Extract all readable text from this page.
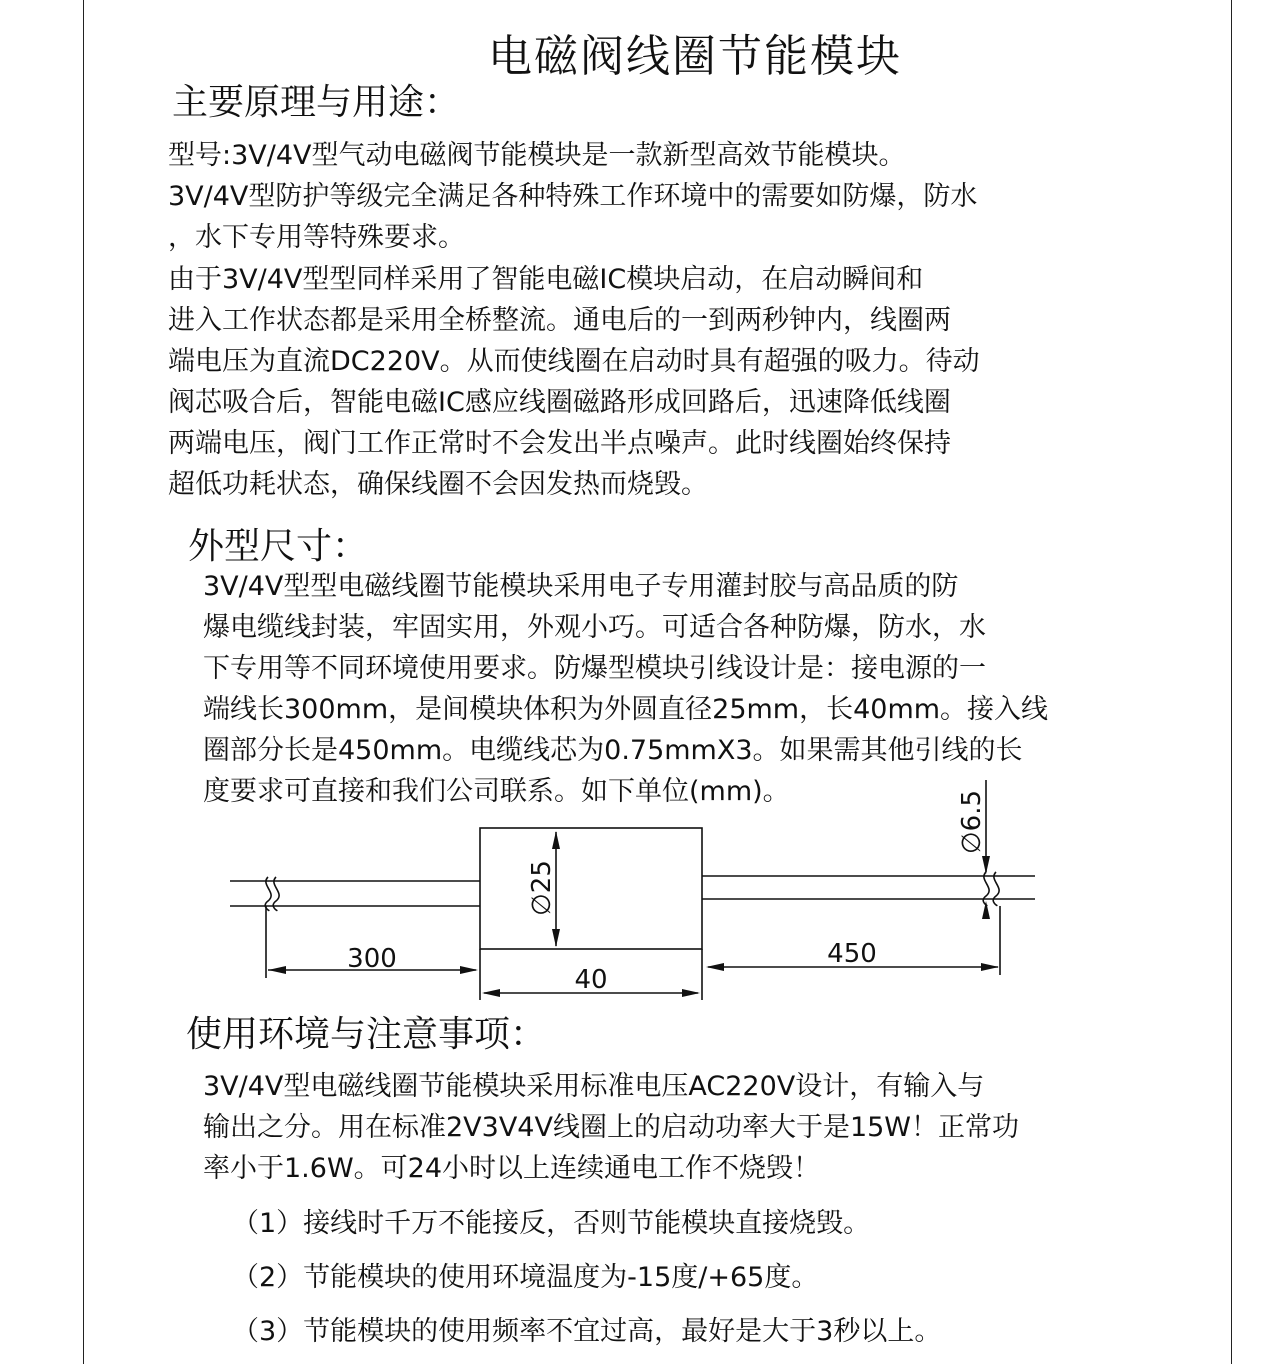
电磁阀线圈节能模块
主要原理与用途：

型号:3V/4V型气动电磁阀节能模块是一款新型高效节能模块。
3V/4V型防护等级完全满足各种特殊工作环境中的需要如防爆，防水
，水下专用等特殊要求。

由于3V/4V型型同样采用了智能电磁IC模块启动，在启动瞬间和
进入工作状态都是采用全桥整流。通电后的一到两秒钟内，线圈两
端电压为直流DC220V。从而使线圈在启动时具有超强的吸力。待动
阀芯吸合后，智能电磁IC感应线圈磁路形成回路后，迅速降低线圈
两端电压，阀门工作正常时不会发出半点噪声。此时线圈始终保持
超低功耗状态，确保线圈不会因发热而烧毁。

外型尺寸：

3V/4V型型电磁线圈节能模块采用电子专用灌封胶与高品质的防
爆电缆线封装，牢固实用，外观小巧。可适合各种防爆，防水，水
下专用等不同环境使用要求。防爆型模块引线设计是：接电源的一
端线长300mm，是间模块体积为外圆直径25mm，长40mm。接入线
圈部分长是450mm。电缆线芯为0.75mmX3。如果需其他引线的长
度要求可直接和我们公司联系。如下单位(mm)。

300
40
450
∅25
∅6.5
使用环境与注意事项：

3V/4V型电磁线圈节能模块采用标准电压AC220V设计，有输入与
输出之分。用在标准2V3V4V线圈上的启动功率大于是15W！正常功
率小于1.6W。可24小时以上连续通电工作不烧毁！

（1）接线时千万不能接反，否则节能模块直接烧毁。

（2）节能模块的使用环境温度为-15度/+65度。

（3）节能模块的使用频率不宜过高，最好是大于3秒以上。
